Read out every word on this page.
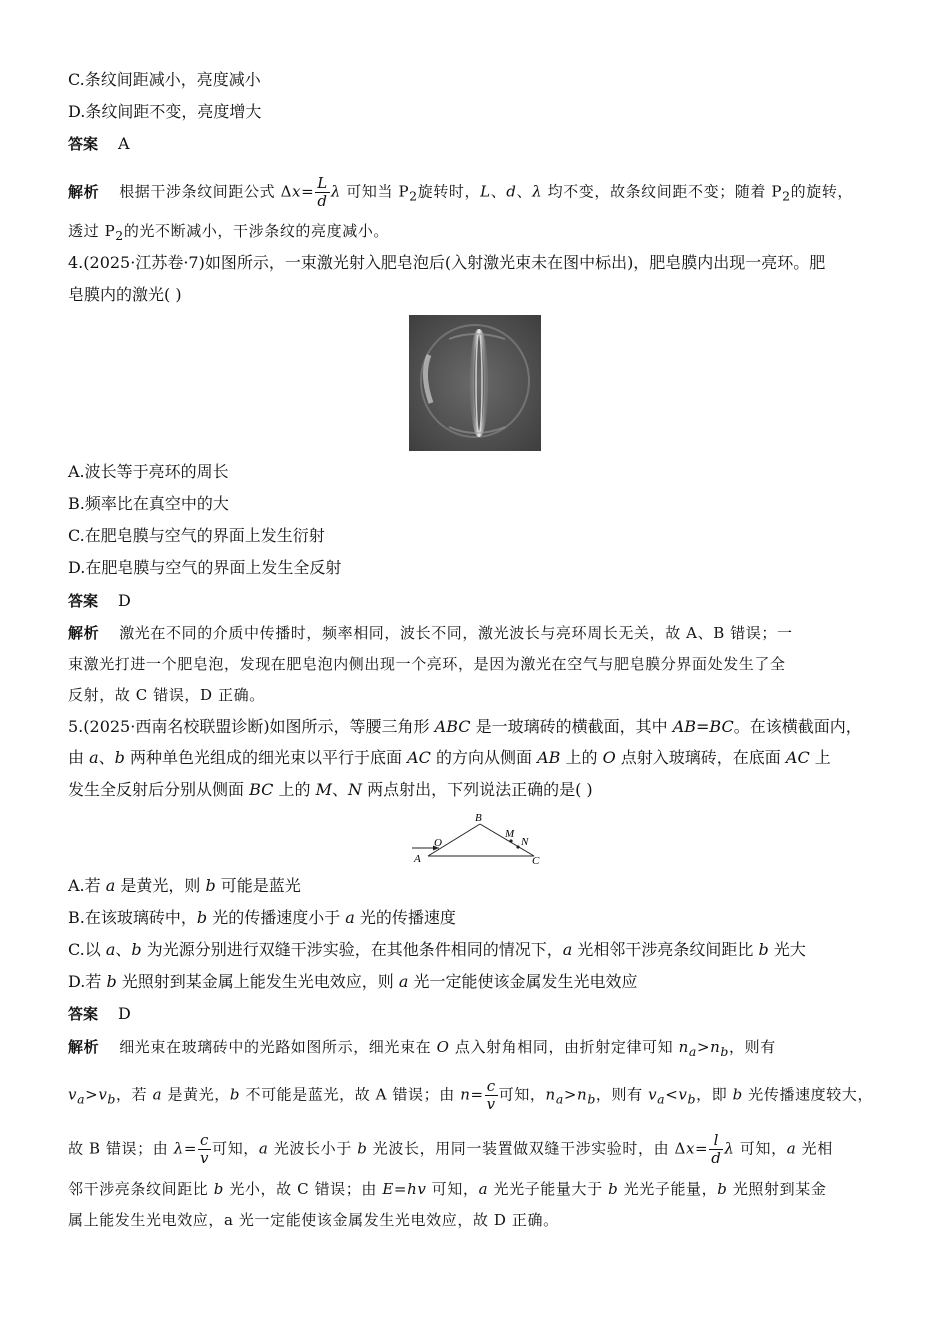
C.条纹间距减小，亮度减小
D.条纹间距不变，亮度增大
答案 A
解析 根据干涉条纹间距公式 $\Delta x= \frac{L}{d}$ λ 可知当 $P_2$旋转时，L、d、λ 均不变，故条纹间距不变；随着 $P_2$的旋转，
透过 $P_2$的光不断减小，干涉条纹的亮度减小。
4.(2025·江苏卷·7)如图所示，一束激光射入肥皂泡后(入射激光束未在图中标出)，肥皂膜内出现一亮环。肥
皂膜内的激光( )
A.波长等于亮环的周长
B.频率比在真空中的大
C.在肥皂膜与空气的界面上发生衍射
D.在肥皂膜与空气的界面上发生全反射
答案 D
解析 激光在不同的介质中传播时，频率相同，波长不同，激光波长与亮环周长无关，故 A、B 错误；一
束激光打进一个肥皂泡，发现在肥皂泡内侧出现一个亮环，是因为激光在空气与肥皂膜分界面处发生了全
反射，故 C 错误，D 正确。
5.(2025·西南名校联盟诊断)如图所示，等腰三角形 ABC 是一玻璃砖的横截面，其中 AB=BC。在该横截面内，
由 a、b 两种单色光组成的细光束以平行于底面 AC 的方向从侧面 AB 上的 O 点射入玻璃砖，在底面 AC 上
发生全反射后分别从侧面 BC 上的 M、N 两点射出，下列说法正确的是( )
B
O
M
N
A	C
A.若 a 是黄光，则 b 可能是蓝光
B.在该玻璃砖中，b 光的传播速度小于 a 光的传播速度
C.以 a、b 为光源分别进行双缝干涉实验，在其他条件相同的情况下，a 光相邻干涉亮条纹间距比 b 光大
D.若 b 光照射到某金属上能发生光电效应，则 a 光一定能使该金属发生光电效应
答案 D
解析 细光束在玻璃砖中的光路如图所示，细光束在 O 点入射角相同，由折射定律可知 $n_a>n_b$，则有
$v_a>v_b$，若 a 是黄光，b 不可能是蓝光，故 A 错误；由 $n= \frac{c}{v}$ 可知，$n_a>n_b$，则有 $v_a<v_b$，即 b 光传播速度较大，
故 B 错误；由 $\lambda= \frac{c}{v}$ 可知，a 光波长小于 b 光波长，用同一装置做双缝干涉实验时，由 $\Delta x= \frac{l}{d}$ λ 可知，a 光相
邻干涉亮条纹间距比 b 光小，故 C 错误；由 E=hv 可知，a 光光子能量大于 b 光光子能量，b 光照射到某金
属上能发生光电效应，a 光一定能使该金属发生光电效应，故 D 正确。
